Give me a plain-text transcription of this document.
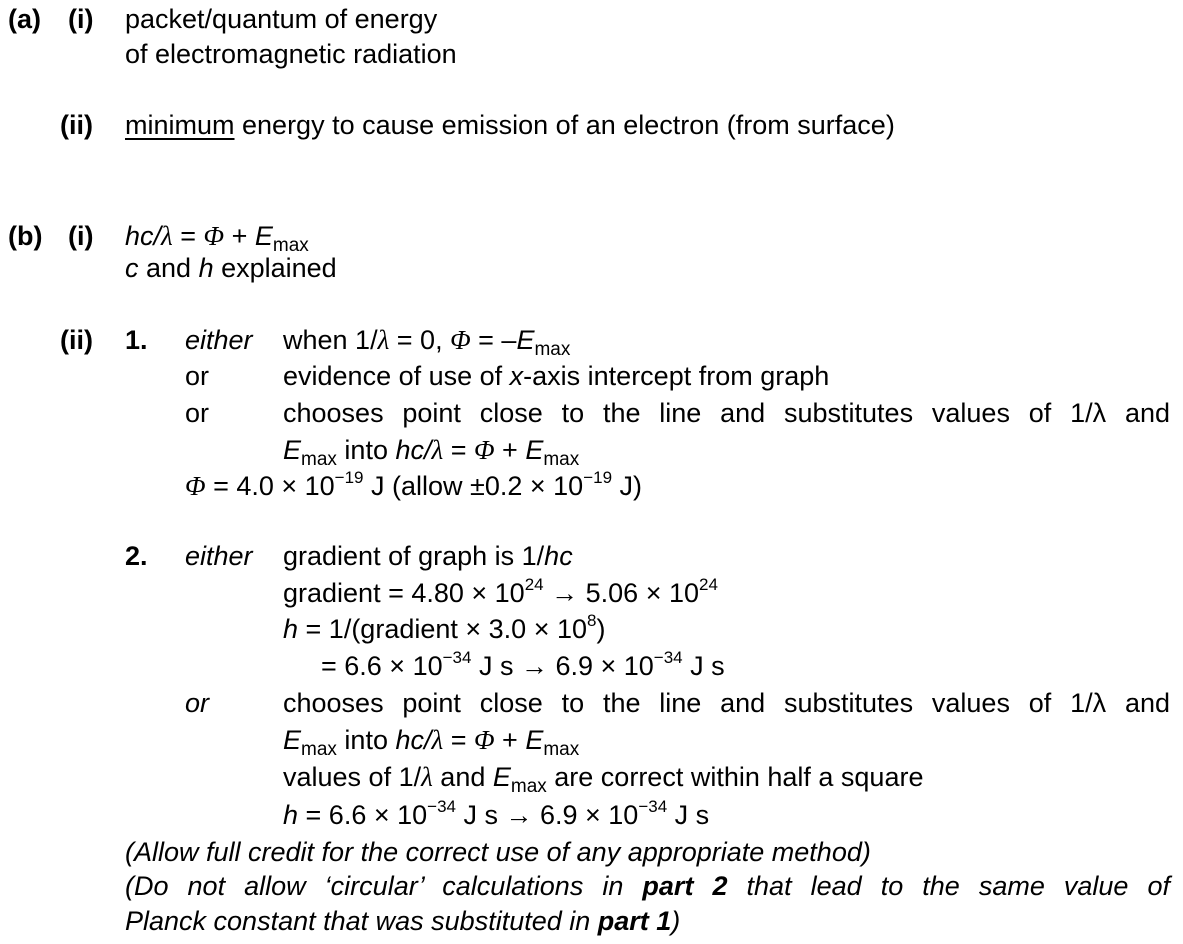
(a) (i) packet/quantum of energy
of electromagnetic radiation
(ii) minimum energy to cause emission of an electron (from surface)
(b) (i) $hc/\lambda = \Phi + E_{max}$
c and h explained
(ii) 1. either when 1/λ = 0, $\Phi = -E_{max}$
or	evidence of use of x-axis intercept from graph
or	chooses point close to the line and substitutes values of 1/λ and
$E_{max}$ into $hc/\lambda = \Phi + E_{max}$
$\Phi = 4.0 \times 10^{-19}$ J (allow $\pm 0.2 \times 10^{-19}$ J)
2. either gradient of graph is 1/hc
gradient = $4.80 \times 10^{24} \to 5.06 \times 10^{24}$
h = 1/(gradient × $3.0 \times 10^8$)
= $6.6 \times 10^{-34}$ J $s \to 6.9 \times 10^{-34}$ J s
or	chooses point close to the line and substitutes values of 1/λ and
$E_{max}$ into $hc/\lambda = \Phi + E_{max}$
values of 1/λ and $E_{max}$ are correct within half a square
$h = 6.6 \times 10^{-34}$ J $s \to 6.9 \times 10^{-34}$ J s
(Allow full credit for the correct use of any appropriate method)
(Do not allow ‘circular’ calculations in part 2 that lead to the same value of
Planck constant that was substituted in part 1)
